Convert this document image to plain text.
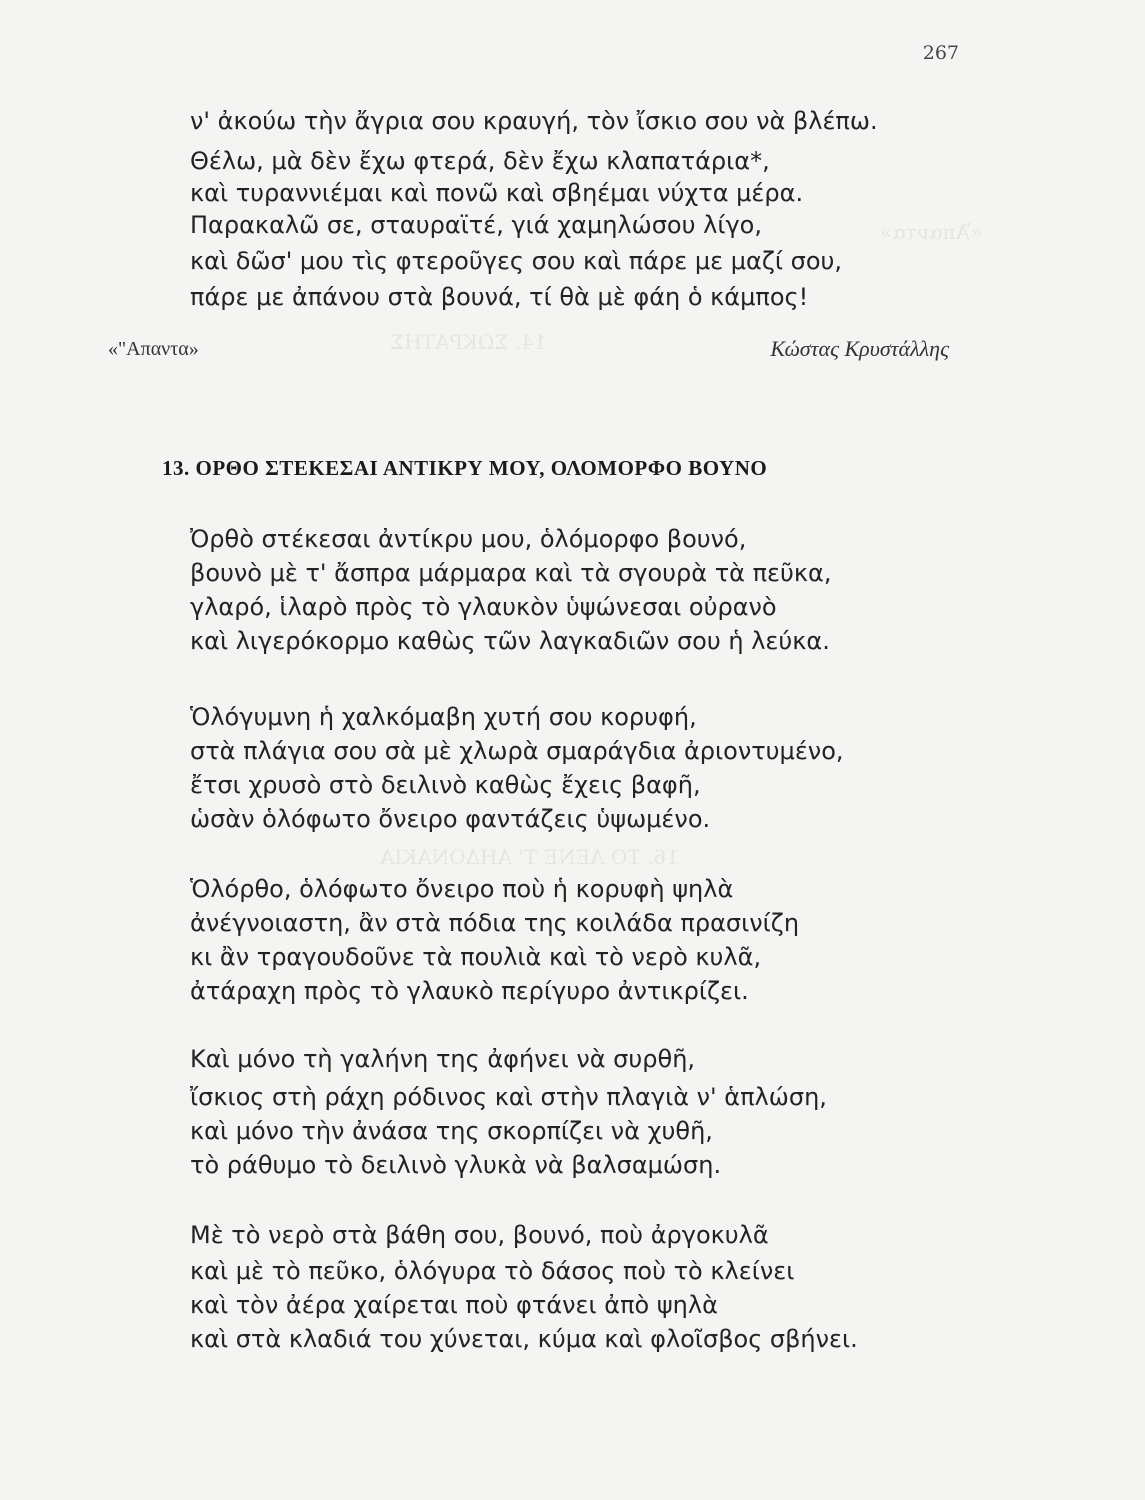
«Ἄπαντα»
14. ΣΩΚΡΑΤΗΣ
16. ΤΟ ΛΕΝΕ Τ' ΑΗΔΟΝΑΚΙΑ
267
ν' ἀκούω τὴν ἄγρια σου κραυγή, τὸν ἴσκιο σου νὰ βλέπω.
Θέλω, μὰ δὲν ἔχω φτερά, δὲν ἔχω κλαπατάρια*,
καὶ τυραννιέμαι καὶ πονῶ καὶ σβηέμαι νύχτα μέρα.
Παρακαλῶ σε, σταυραϊτέ, γιά χαμηλώσου λίγο,
καὶ δῶσ' μου τὶς φτεροῦγες σου καὶ πάρε με μαζί σου,
πάρε με ἀπάνου στὰ βουνά, τί θὰ μὲ φάη ὁ κάμπος!
«"Απαντα»	Κώστας Κρυστάλλης
13. ΟΡΘΟ ΣΤΕΚΕΣΑΙ ΑΝΤΙΚΡΥ ΜΟΥ, ΟΛΟΜΟΡΦΟ ΒΟΥΝΟ
Ὀρθὸ στέκεσαι ἀντίκρυ μου, ὁλόμορφο βουνό,
βουνὸ μὲ τ' ἄσπρα μάρμαρα καὶ τὰ σγουρὰ τὰ πεῦκα,
γλαρό, ἱλαρὸ πρὸς τὸ γλαυκὸν ὑψώνεσαι οὐρανὸ
καὶ λιγερόκορμο καθὼς τῶν λαγκαδιῶν σου ἡ λεύκα.
Ὁλόγυμνη ἡ χαλκόμαβη χυτή σου κορυφή,
στὰ πλάγια σου σὰ μὲ χλωρὰ σμαράγδια ἀριοντυμένο,
ἔτσι χρυσὸ στὸ δειλινὸ καθὼς ἔχεις βαφῆ,
ὡσὰν ὁλόφωτο ὄνειρο φαντάζεις ὑψωμένο.
Ὁλόρθο, ὁλόφωτο ὄνειρο ποὺ ἡ κορυφὴ ψηλὰ
ἀνέγνοιαστη, ἂν στὰ πόδια της κοιλάδα πρασινίζη
κι ἂν τραγουδοῦνε τὰ πουλιὰ καὶ τὸ νερὸ κυλᾶ,
ἀτάραχη πρὸς τὸ γλαυκὸ περίγυρο ἀντικρίζει.
Καὶ μόνο τὴ γαλήνη της ἀφήνει νὰ συρθῆ,
ἴσκιος στὴ ράχη ρόδινος καὶ στὴν πλαγιὰ ν' ἁπλώση,
καὶ μόνο τὴν ἀνάσα της σκορπίζει νὰ χυθῆ,
τὸ ράθυμο τὸ δειλινὸ γλυκὰ νὰ βαλσαμώση.
Μὲ τὸ νερὸ στὰ βάθη σου, βουνό, ποὺ ἀργοκυλᾶ
καὶ μὲ τὸ πεῦκο, ὁλόγυρα τὸ δάσος ποὺ τὸ κλείνει
καὶ τὸν ἀέρα χαίρεται ποὺ φτάνει ἀπὸ ψηλὰ
καὶ στὰ κλαδιά του χύνεται, κύμα καὶ φλοῖσβος σβήνει.
